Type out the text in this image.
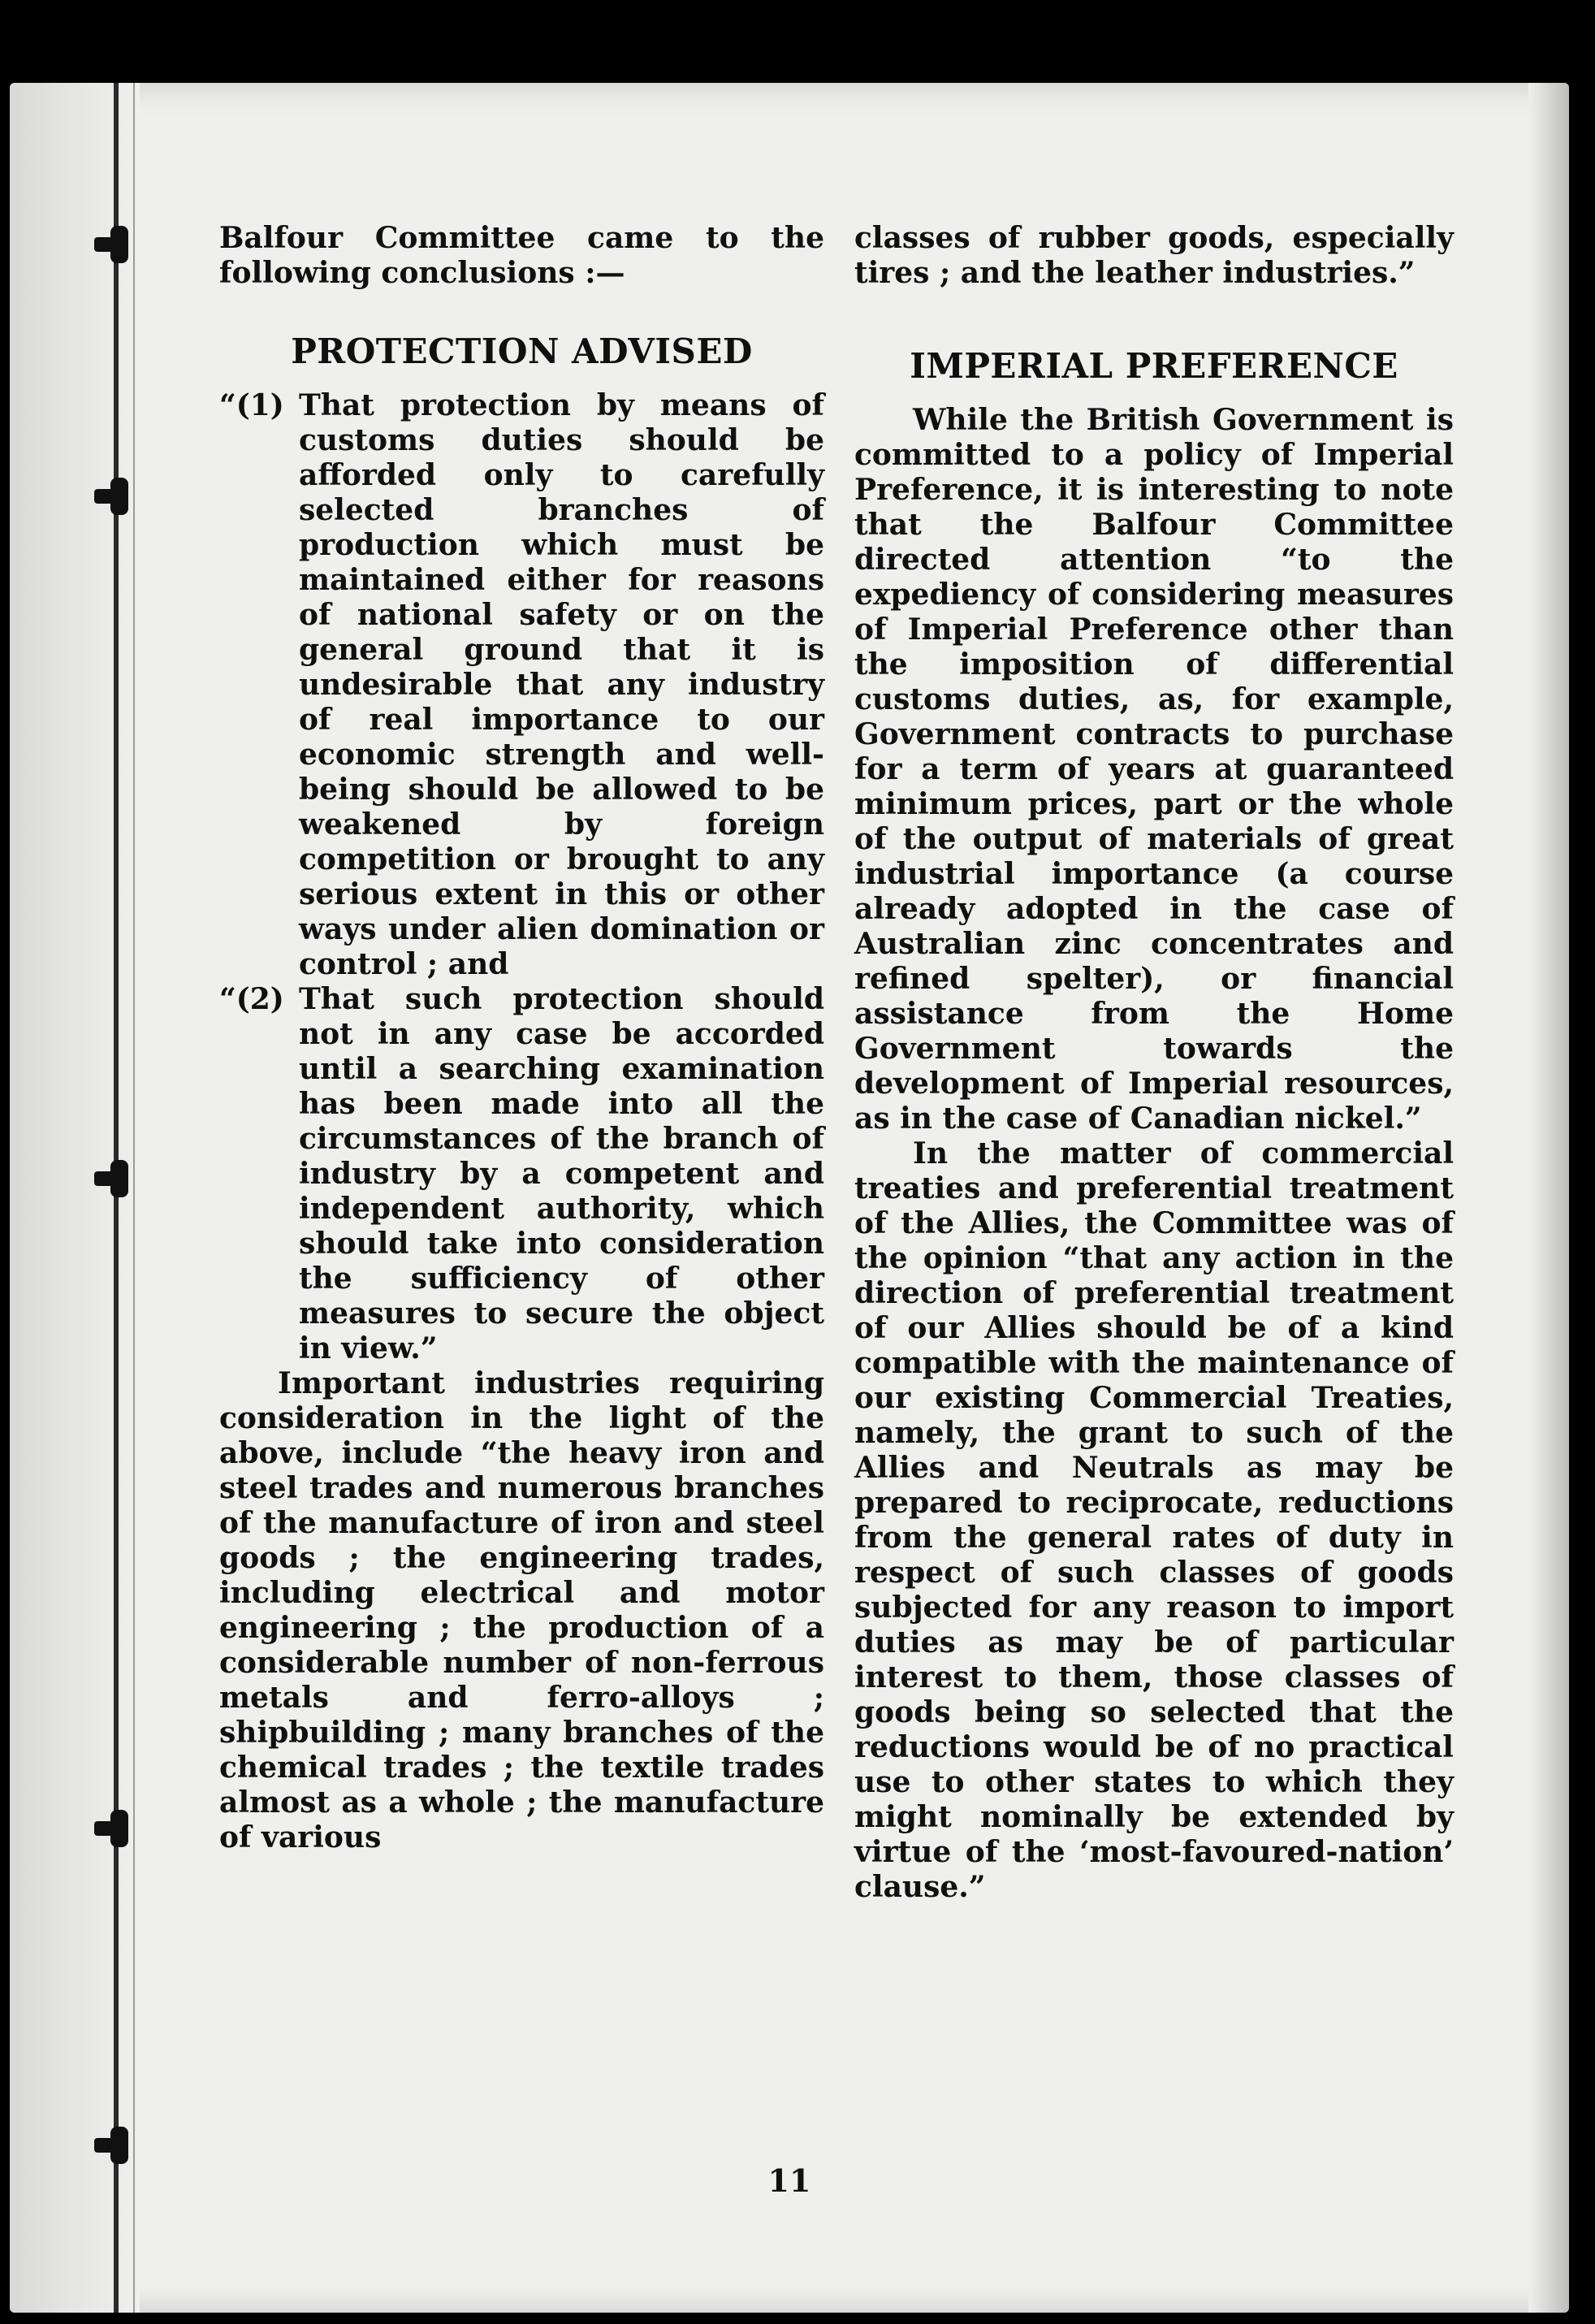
Balfour Committee came to the following conclusions :—

PROTECTION ADVISED
“(1) That protection by means of customs duties should be afforded only to carefully selected branches of production which must be maintained either for reasons of national safety or on the general ground that it is undesirable that any industry of real importance to our economic strength and well-being should be allowed to be weakened by foreign competition or brought to any serious extent in this or other ways under alien domination or control ; and

“(2) That such protection should not in any case be accorded until a searching examination has been made into all the circumstances of the branch of industry by a competent and independent authority, which should take into consideration the sufficiency of other measures to secure the object in view.”

Important industries requiring consideration in the light of the above, include “the heavy iron and steel trades and numerous branches of the manufacture of iron and steel goods ; the engineering trades, including electrical and motor engineering ; the production of a considerable number of non-ferrous metals and ferro-alloys ; shipbuilding ; many branches of the chemical trades ; the textile trades almost as a whole ; the manufacture of various

classes of rubber goods, especially tires ; and the leather industries.”

IMPERIAL PREFERENCE

While the British Government is committed to a policy of Imperial Preference, it is interesting to note that the Balfour Committee directed attention “to the expediency of considering measures of Imperial Preference other than the imposition of differential customs duties, as, for example, Government contracts to purchase for a term of years at guaranteed minimum prices, part or the whole of the output of materials of great industrial importance (a course already adopted in the case of Australian zinc concentrates and refined spelter), or financial assistance from the Home Government towards the development of Imperial resources, as in the case of Canadian nickel.”

In the matter of commercial treaties and preferential treatment of the Allies, the Committee was of the opinion “that any action in the direction of preferential treatment of our Allies should be of a kind compatible with the maintenance of our existing Commercial Treaties, namely, the grant to such of the Allies and Neutrals as may be prepared to reciprocate, reductions from the general rates of duty in respect of such classes of goods subjected for any reason to import duties as may be of particular interest to them, those classes of goods being so selected that the reductions would be of no practical use to other states to which they might nominally be extended by virtue of the ‘most-favoured-nation’ clause.”

11
